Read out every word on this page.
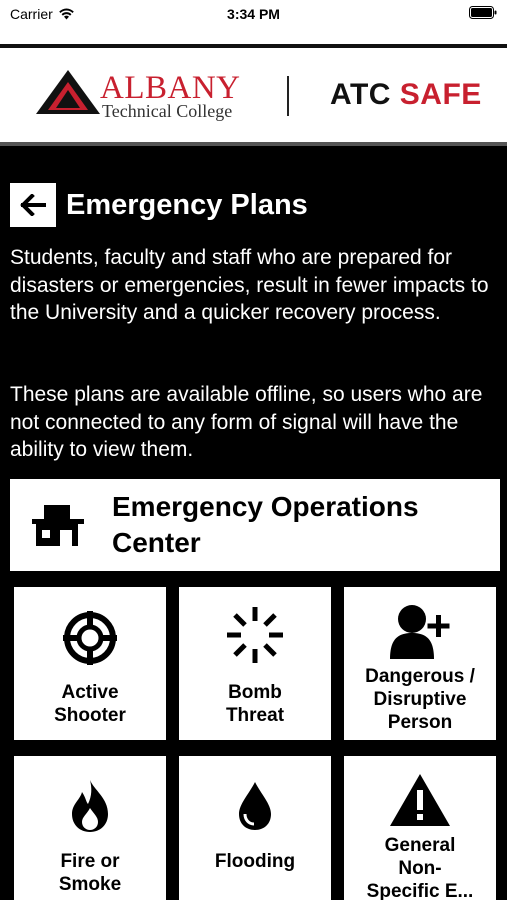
Carrier	3:34 PM
ALBANY
Technical College	ATC SAFE
Emergency Plans

Students, faculty and staff who are prepared for disasters or emergencies, result in fewer impacts to the University and a quicker recovery process.

These plans are available offline, so users who are not connected to any form of signal will have the ability to view them.

Emergency Operations
Center
Active
Shooter
Bomb
Threat
Dangerous /
Disruptive
Person
Fire or
Smoke
Flooding
General
Non-
Specific E...
